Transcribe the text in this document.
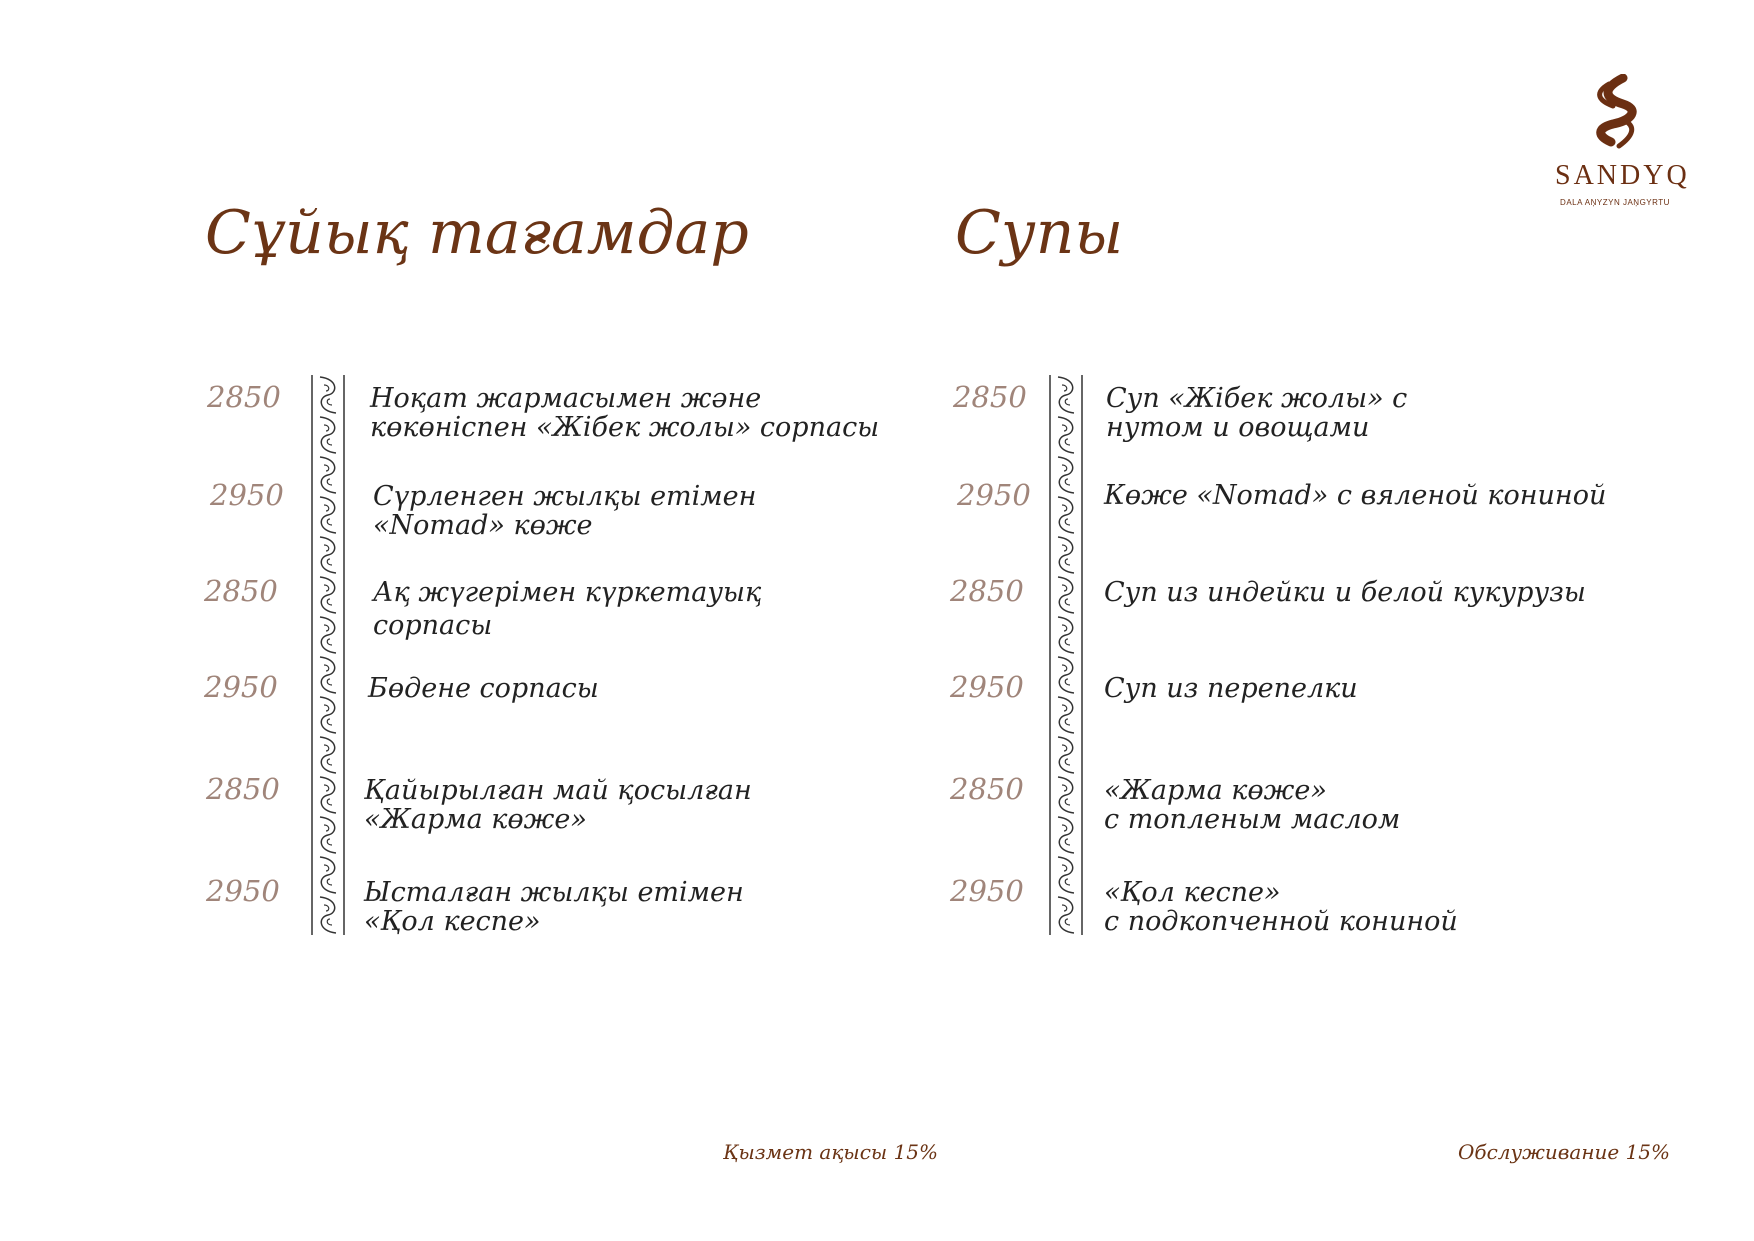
SANDYQ
DALA AŅYZYN JAŅGYRTU
Сұйық тағамдар	Супы
2850	Ноқат жармасымен және
көкөніспен «Жібек жолы» сорпасы
2950	Сүрленген жылқы етімен
«Nomad» көже
2850	Ақ жүгерімен күркетауық
сорпасы
2950	Бөдене сорпасы
2850	Қайырылған май қосылған
«Жарма көже»
2950	Ысталған жылқы етімен
«Қол кеспе»
2850	Суп «Жібек жолы» с
нутом и овощами
2950	Көже «Nomad» с вяленой кониной
2850	Суп из индейки и белой кукурузы
2950	Суп из перепелки
2850	«Жарма көже»
с топленым маслом
2950	«Қол кеспе»
с подкопченной кониной
Қызмет ақысы 15%	Обслуживание 15%
